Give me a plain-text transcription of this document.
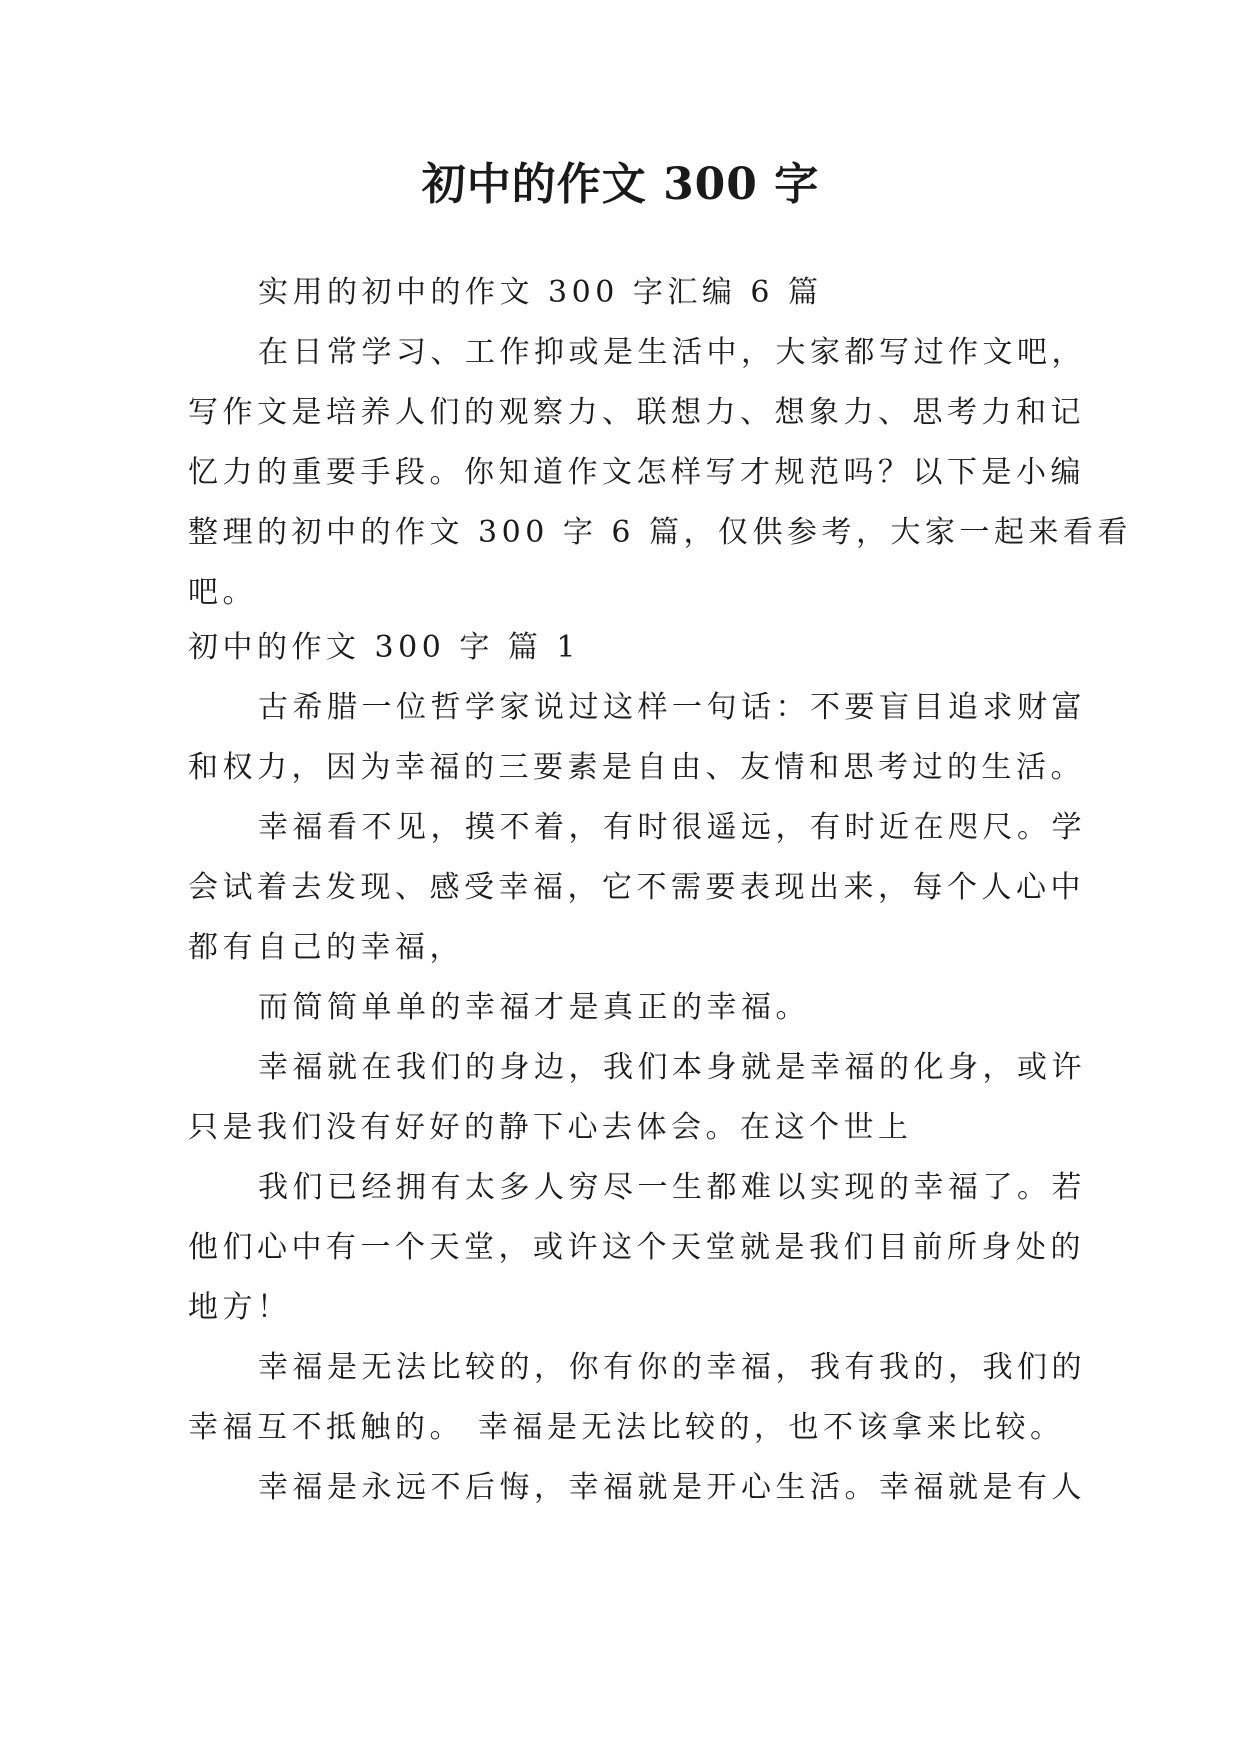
初中的作文 300 字
实用的初中的作文 300 字汇编 6 篇
在日常学习、工作抑或是生活中，大家都写过作文吧，
写作文是培养人们的观察力、联想力、想象力、思考力和记
忆力的重要手段。你知道作文怎样写才规范吗？以下是小编
整理的初中的作文 300 字 6 篇，仅供参考，大家一起来看看
吧。
初中的作文 300 字 篇 1
古希腊一位哲学家说过这样一句话：不要盲目追求财富
和权力，因为幸福的三要素是自由、友情和思考过的生活。
幸福看不见，摸不着，有时很遥远，有时近在咫尺。学
会试着去发现、感受幸福，它不需要表现出来，每个人心中
都有自己的幸福，
而简简单单的幸福才是真正的幸福。
幸福就在我们的身边，我们本身就是幸福的化身，或许
只是我们没有好好的静下心去体会。在这个世上
我们已经拥有太多人穷尽一生都难以实现的幸福了。若
他们心中有一个天堂，或许这个天堂就是我们目前所身处的
地方！
幸福是无法比较的，你有你的幸福，我有我的，我们的
幸福互不抵触的。 幸福是无法比较的，也不该拿来比较。
幸福是永远不后悔，幸福就是开心生活。幸福就是有人
